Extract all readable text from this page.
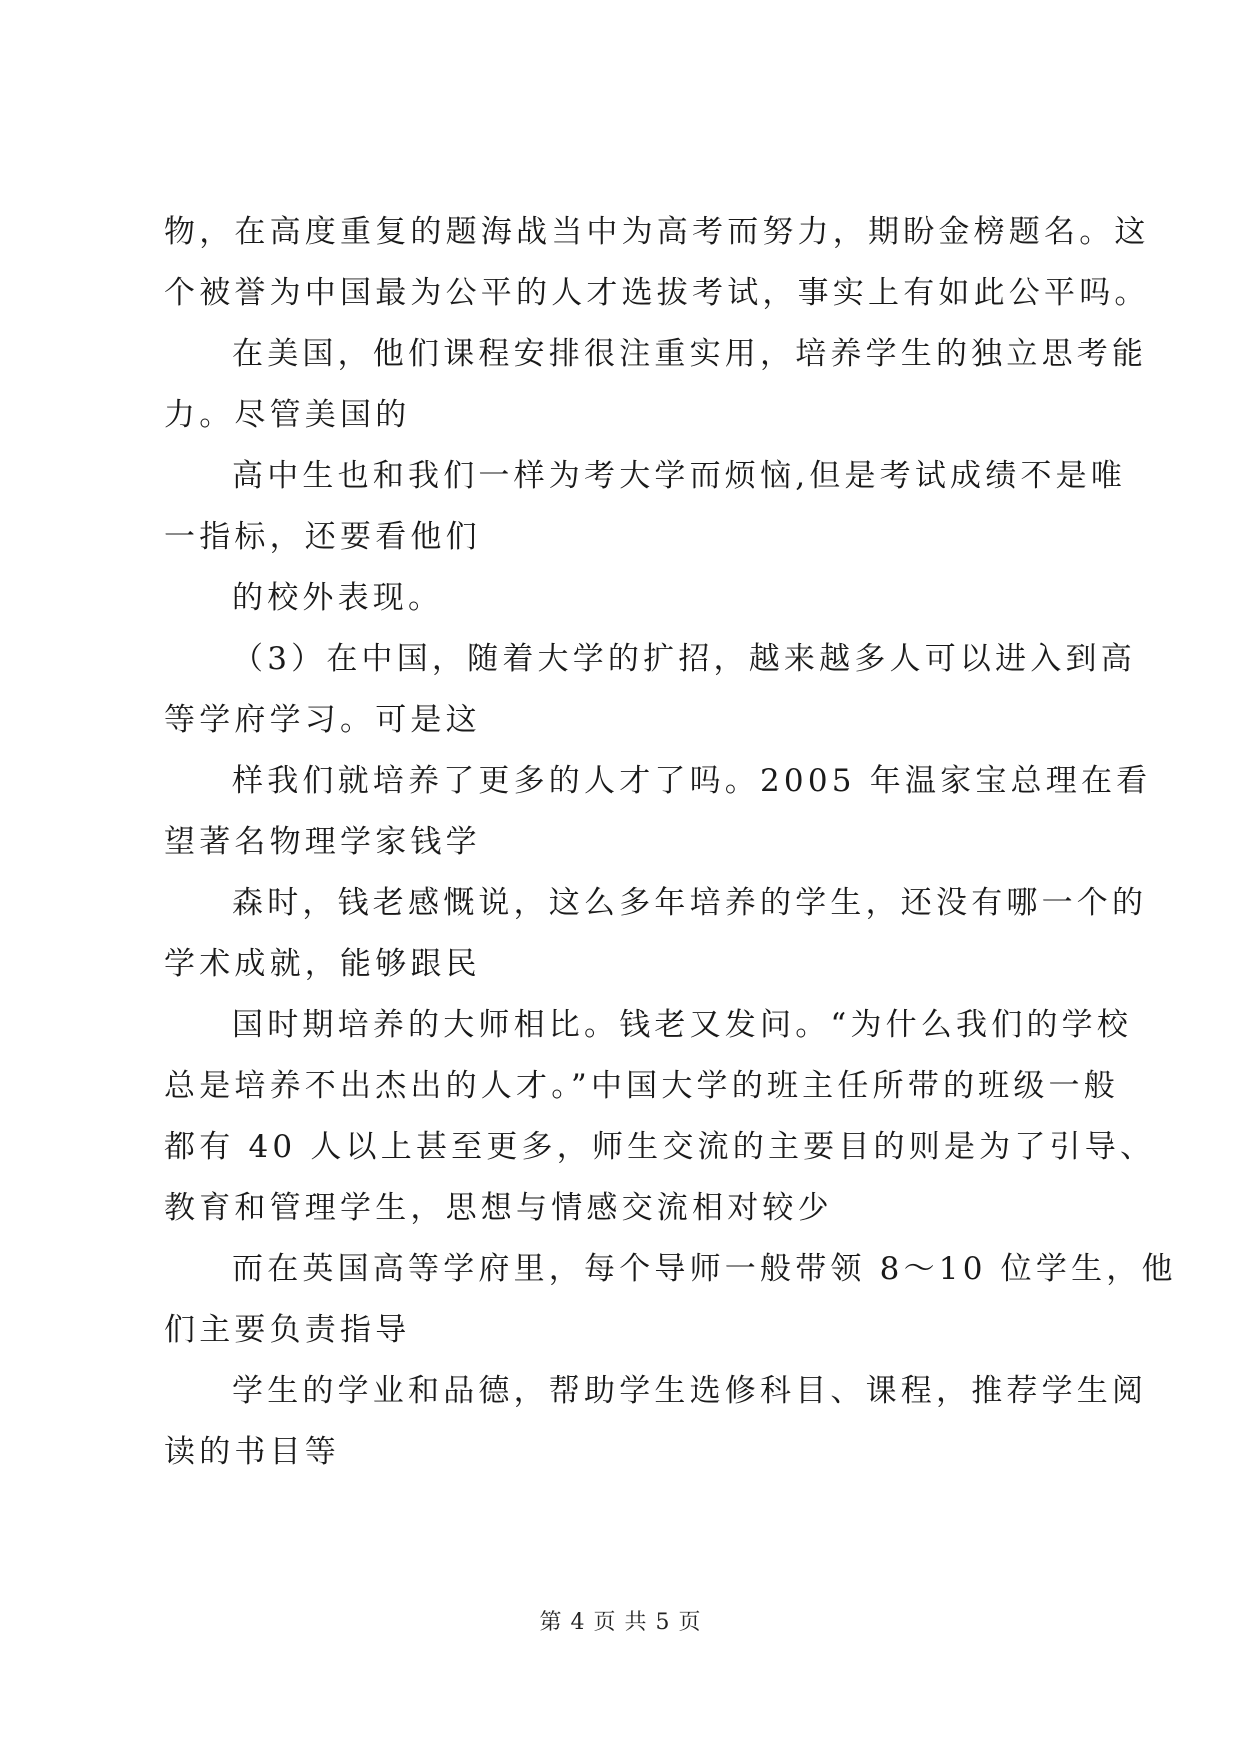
物，在高度重复的题海战当中为高考而努力，期盼金榜题名。这
个被誉为中国最为公平的人才选拔考试，事实上有如此公平吗。
在美国，他们课程安排很注重实用，培养学生的独立思考能
力。尽管美国的
高中生也和我们一样为考大学而烦恼,但是考试成绩不是唯
一指标，还要看他们
的校外表现。
（3）在中国，随着大学的扩招，越来越多人可以进入到高
等学府学习。可是这
样我们就培养了更多的人才了吗。2005 年温家宝总理在看
望著名物理学家钱学
森时，钱老感慨说，这么多年培养的学生，还没有哪一个的
学术成就，能够跟民
国时期培养的大师相比。钱老又发问。“为什么我们的学校
总是培养不出杰出的人才。”中国大学的班主任所带的班级一般
都有 40 人以上甚至更多，师生交流的主要目的则是为了引导、
教育和管理学生，思想与情感交流相对较少
而在英国高等学府里，每个导师一般带领 8～10 位学生，他
们主要负责指导
学生的学业和品德，帮助学生选修科目、课程，推荐学生阅
读的书目等
第 4 页 共 5 页
